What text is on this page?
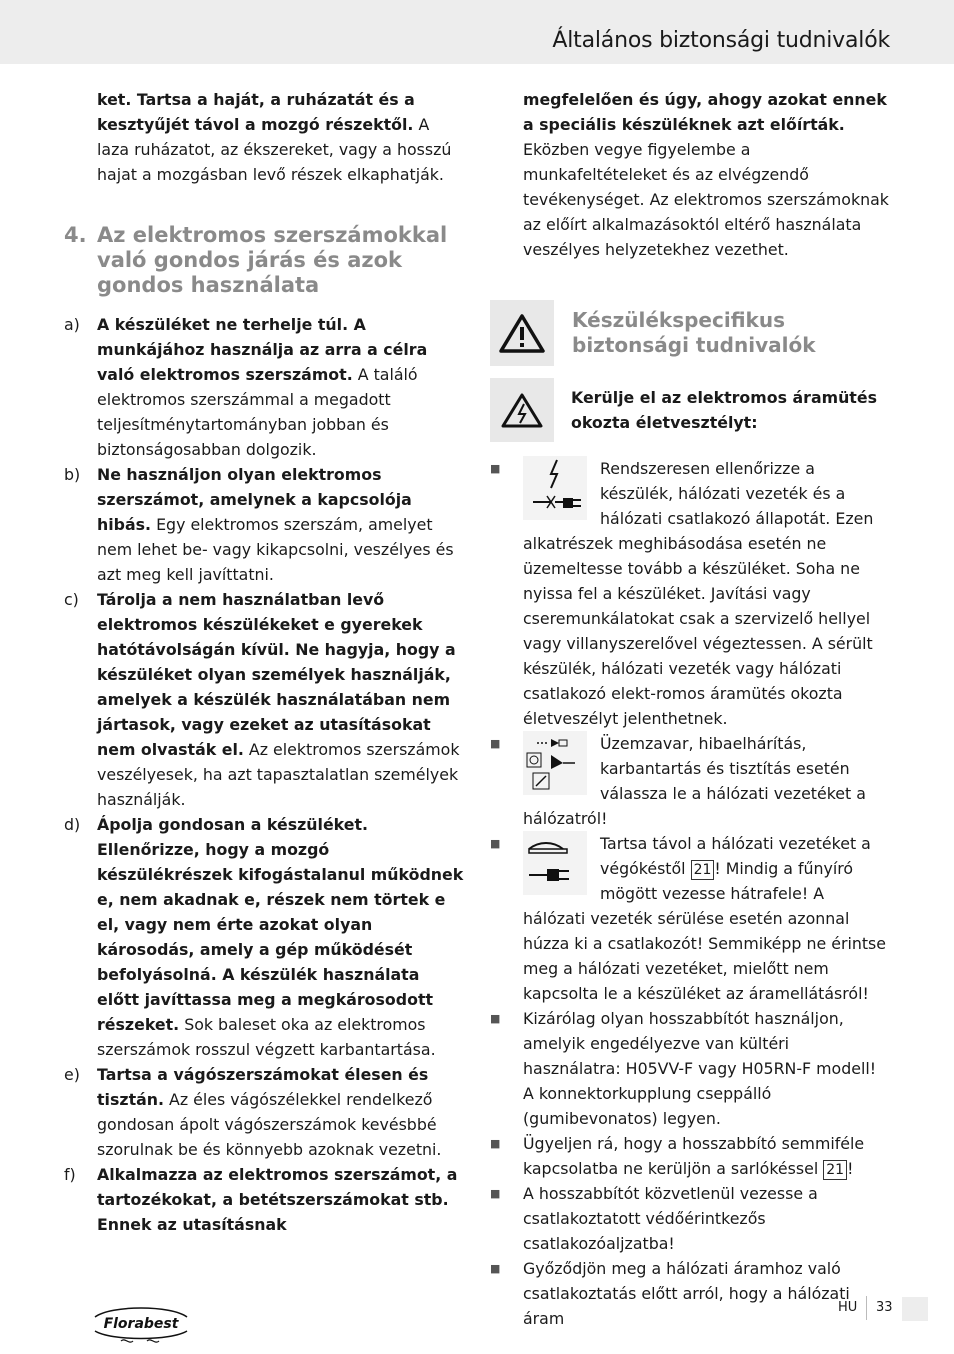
Általános biztonsági tudnivalók

ket. Tartsa a haját, a ruházatát és a kesztyűjét távol a mozgó részektől. A laza ruházatot, az ékszereket, vagy a hosszú hajat a mozgásban levő részek elkaphatják.

4. Az elektromos szerszámokkal való gondos járás és azok gondos használata
a)	A készüléket ne terhelje túl. A munkájához használja az arra a célra való elektromos szerszámot. A találó elektromos szerszámmal a megadott teljesítménytartományban jobban és biztonságosabban dolgozik.
b)	Ne használjon olyan elektromos szerszámot, amelynek a kapcsolója hibás. Egy elektromos szerszám, amelyet nem lehet be- vagy kikapcsolni, veszélyes és azt meg kell javíttatni.
c)	Tárolja a nem használatban levő elektromos készülékeket e gyerekek hatótávolságán kívül. Ne hagyja, hogy a készüléket olyan személyek használják, amelyek a készülék használatában nem jártasok, vagy ezeket az utasításokat nem olvasták el. Az elektromos szerszámok veszélyesek, ha azt tapasztalatlan személyek használják.
d)	Ápolja gondosan a készüléket. Ellenőrizze, hogy a mozgó készülékrészek kifogástalanul működnek e, nem akadnak e, részek nem törtek e el, vagy nem érte azokat olyan károsodás, amely a gép működését befolyásolná. A készülék használata előtt javíttassa meg a megkárosodott részeket. Sok baleset oka az elektromos szerszámok rosszul végzett karbantartása.
e)	Tartsa a vágószerszámokat élesen és tisztán. Az éles vágószélekkel rendelkező gondosan ápolt vágószerszámok kevésbbé szorulnak be és könnyebb azoknak vezetni.
f)	Alkalmazza az elektromos szerszámot, a tartozékokat, a betétszerszámokat stb. Ennek az utasításnak

megfelelően és úgy, ahogy azokat ennek a speciális készüléknek azt előírták. Eközben vegye figyelembe a munkafeltételeket és az elvégzendő tevékenységet. Az elektromos szerszámoknak az előírt alkalmazásoktól eltérő használata veszélyes helyzetekhez vezethet.

Készülékspecifikus biztonsági tudnivalók
Kerülje el az elektromos áramütés okozta életvesztélyt:
■	Rendszeresen ellenőrizze a készülék, hálózati vezeték és a hálózati csatlakozó állapotát. Ezen alkatrészek meghibásodása esetén ne üzemeltesse tovább a készüléket. Soha ne nyissa fel a készüléket. Javítási vagy cseremunkálatokat csak a szervizelő hellyel vagy villanyszerelővel végeztessen. A sérült készülék, hálózati vezeték vagy hálózati csatlakozó elekt-romos áramütés okozta életveszélyt jelenthetnek.
■	Üzemzavar, hibaelhárítás, karbantartás és tisztítás esetén válassza le a hálózati vezetéket a hálózatról!
■	Tartsa távol a hálózati vezetéket a végókéstől 21 ! Mindig a fűnyíró mögött vezesse hátrafele! A hálózati vezeték sérülése esetén azonnal húzza ki a csatlakozót! Semmiképp ne érintse meg a hálózati vezetéket, mielőtt nem kapcsolta le a készüléket az áramellátásról!
■	Kizárólag olyan hosszabbítót használjon, amelyik engedélyezve van kültéri használatra: H05VV-F vagy H05RN-F modell! A konnektorkupplung cseppálló (gumibevonatos) legyen.
■	Ügyeljen rá, hogy a hosszabbító semmiféle kapcsolatba ne kerüljön a sarlókéssel 21 !
■	A hosszabbítót közvetlenül vezesse a csatlakoztatott védőérintkezős csatlakozóaljzatba!
■	Győződjön meg a hálózati áramhoz való csatlakoztatás előtt arról, hogy a hálózati áram
Florabest
HU 33
